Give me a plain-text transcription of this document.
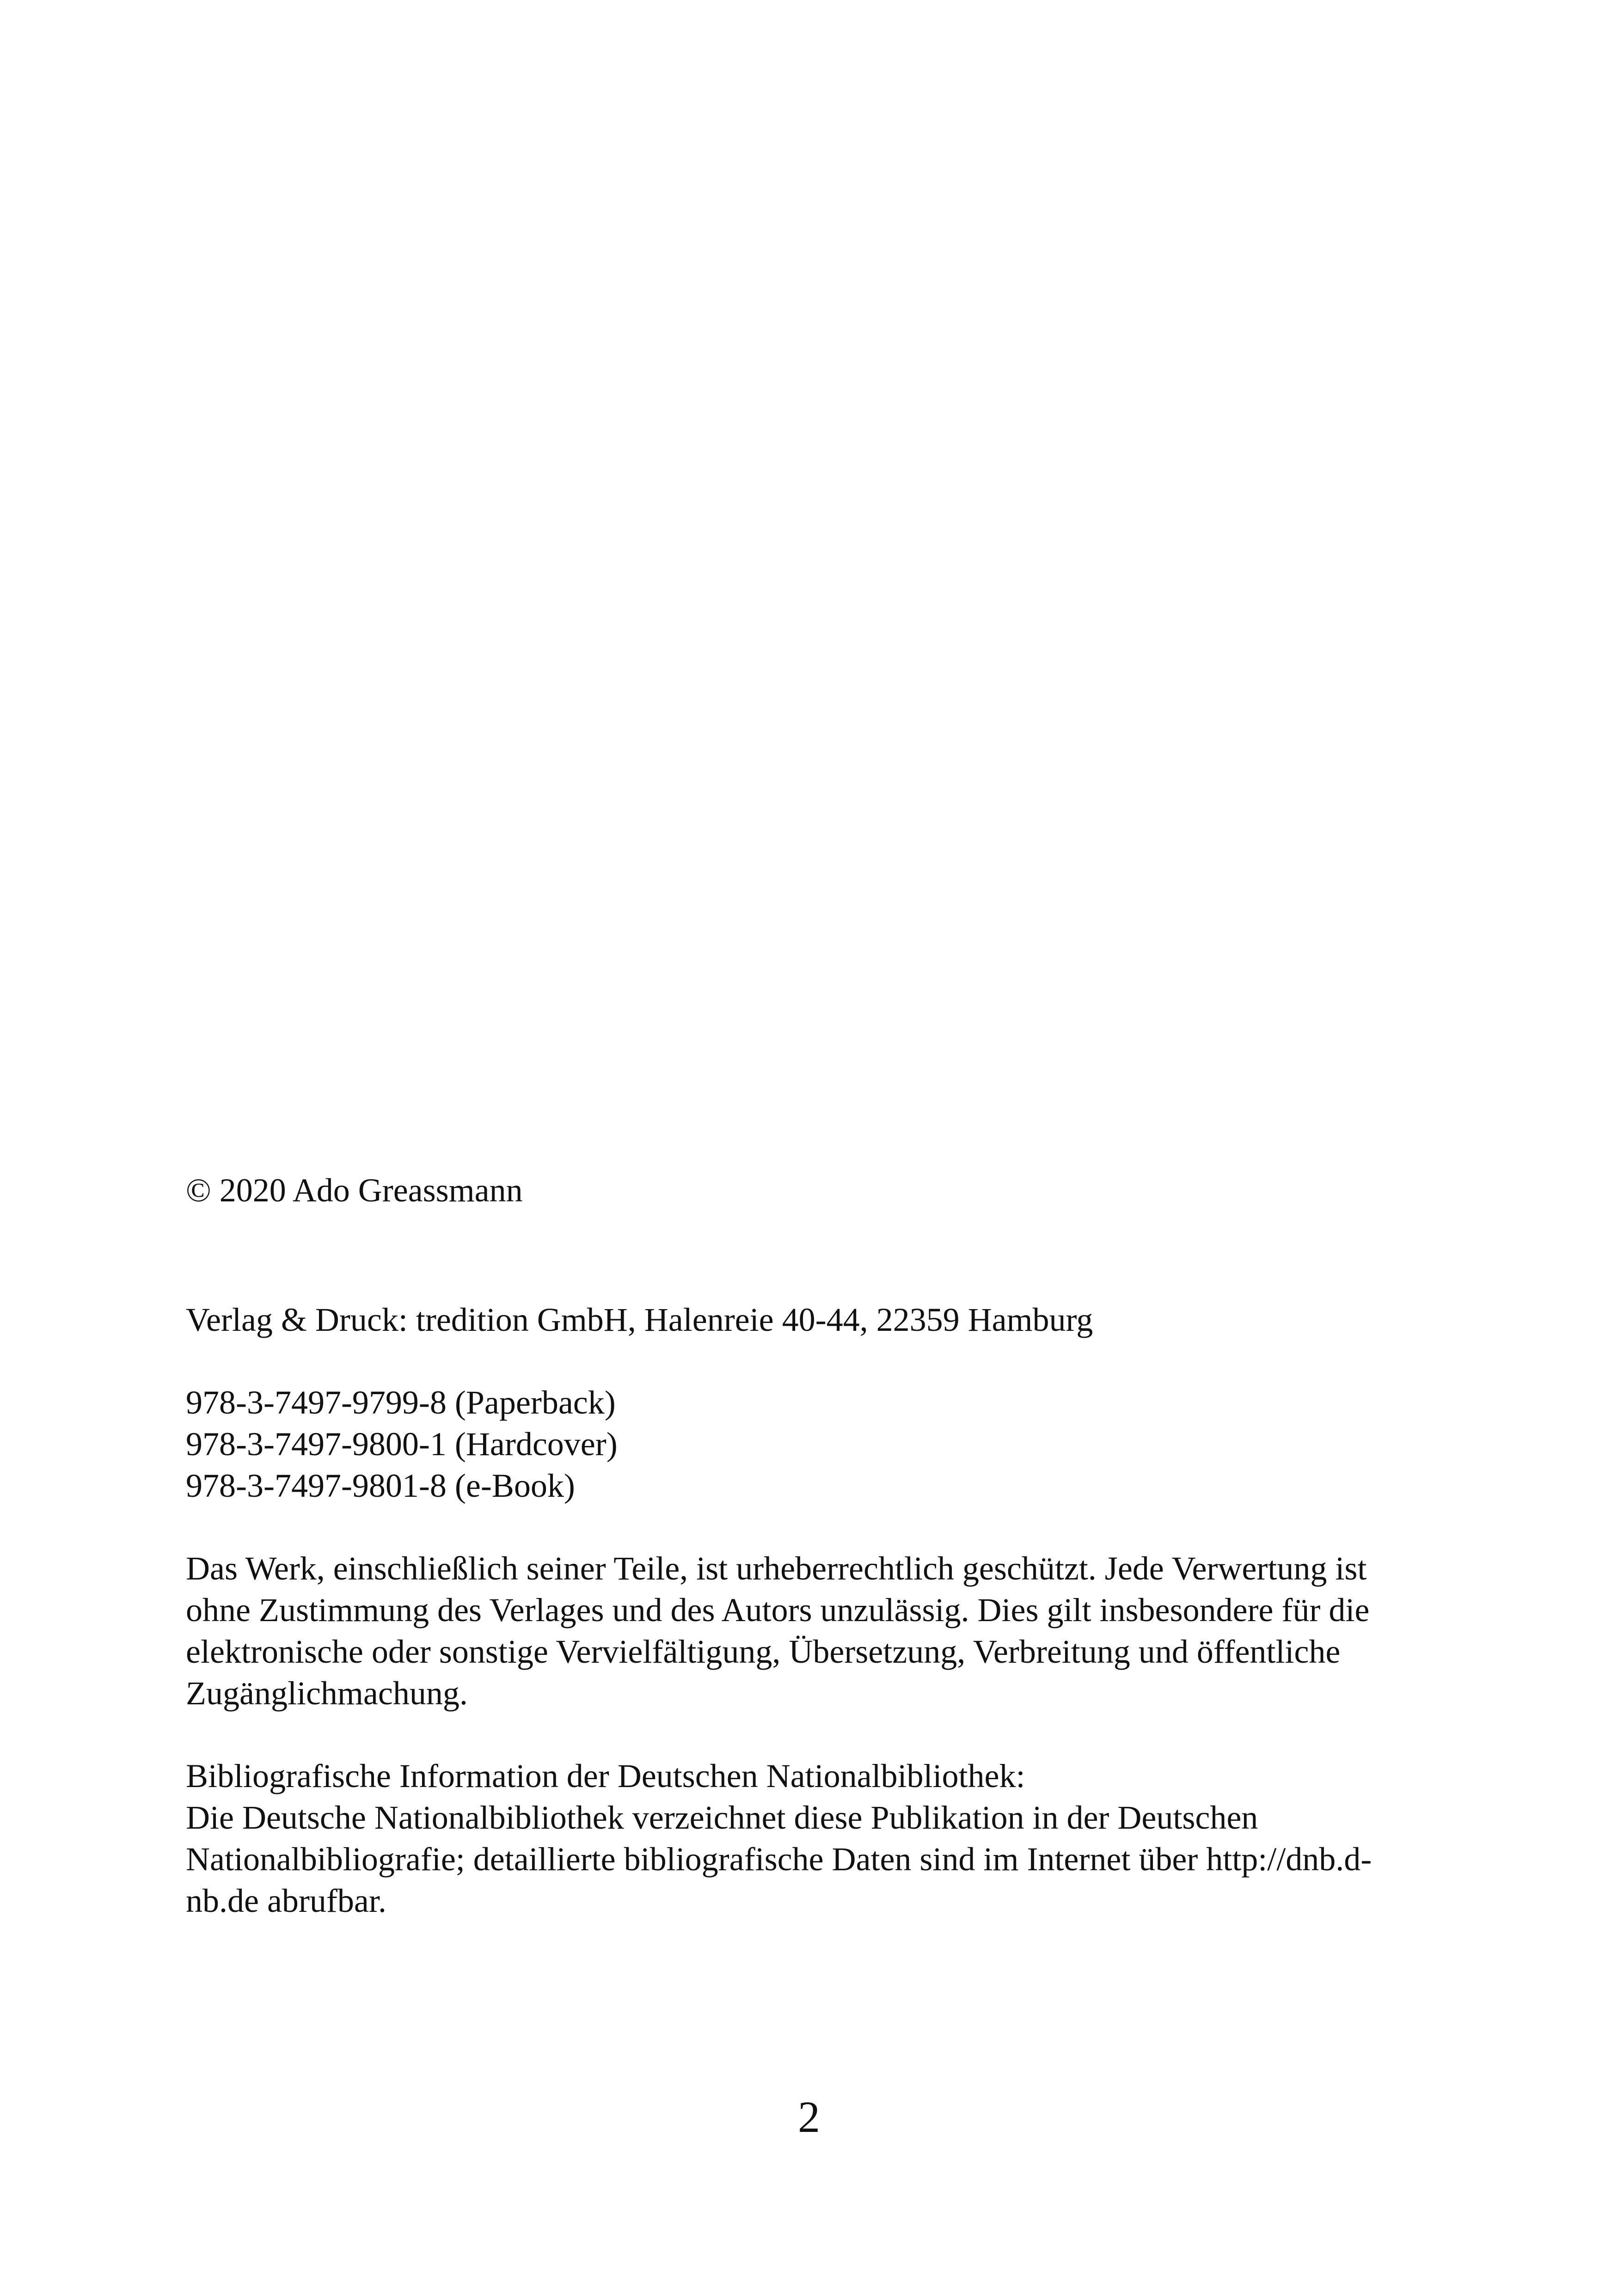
© 2020 Ado Greassmann

Verlag & Druck: tredition GmbH, Halenreie 40-44, 22359 Hamburg

978-3-7497-9799-8 (Paperback)
978-3-7497-9800-1 (Hardcover)
978-3-7497-9801-8 (e-Book)

Das Werk, einschließlich seiner Teile, ist urheberrechtlich geschützt. Jede Verwertung ist
ohne Zustimmung des Verlages und des Autors unzulässig. Dies gilt insbesondere für die
elektronische oder sonstige Vervielfältigung, Übersetzung, Verbreitung und öffentliche
Zugänglichmachung.

Bibliografische Information der Deutschen Nationalbibliothek:
Die Deutsche Nationalbibliothek verzeichnet diese Publikation in der Deutschen
Nationalbibliografie; detaillierte bibliografische Daten sind im Internet über http://dnb.d-
nb.de abrufbar.
2
